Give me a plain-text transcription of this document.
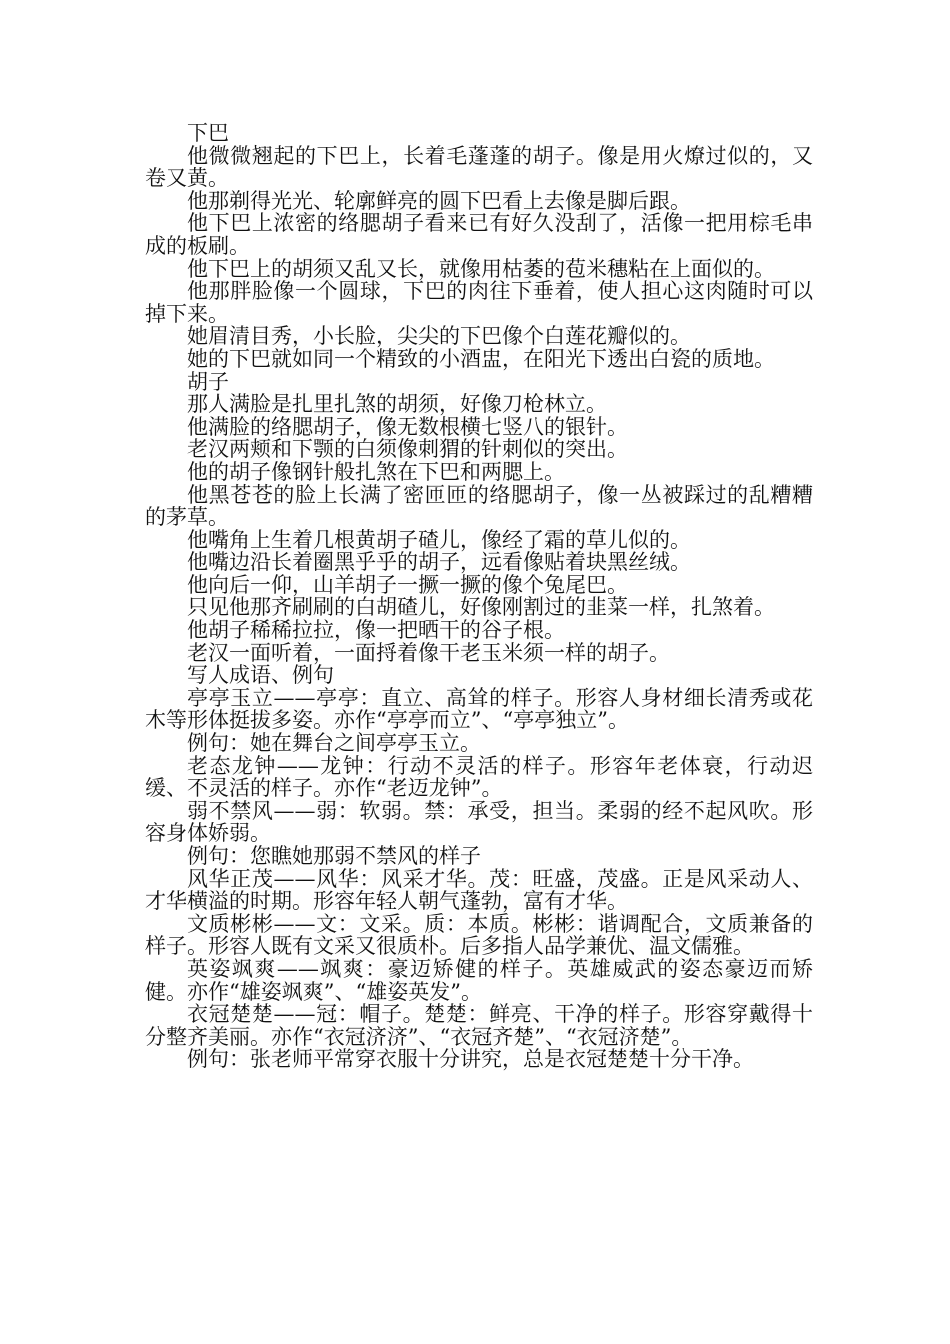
下巴

他微微翘起的下巴上，长着毛蓬蓬的胡子。像是用火燎过似的，又卷又黄。

他那剃得光光、轮廓鲜亮的圆下巴看上去像是脚后跟。

他下巴上浓密的络腮胡子看来已有好久没刮了，活像一把用棕毛串成的板刷。

他下巴上的胡须又乱又长，就像用枯萎的苞米穗粘在上面似的。

他那胖脸像一个圆球，下巴的肉往下垂着，使人担心这肉随时可以掉下来。

她眉清目秀，小长脸，尖尖的下巴像个白莲花瓣似的。

她的下巴就如同一个精致的小酒盅，在阳光下透出白瓷的质地。

胡子

那人满脸是扎里扎煞的胡须，好像刀枪林立。

他满脸的络腮胡子，像无数根横七竖八的银针。

老汉两颊和下颚的白须像刺猬的针刺似的突出。

他的胡子像钢针般扎煞在下巴和两腮上。

他黑苍苍的脸上长满了密匝匝的络腮胡子，像一丛被踩过的乱糟糟的茅草。

他嘴角上生着几根黄胡子碴儿，像经了霜的草儿似的。

他嘴边沿长着圈黑乎乎的胡子，远看像贴着块黑丝绒。

他向后一仰，山羊胡子一撅一撅的像个兔尾巴。

只见他那齐刷刷的白胡碴儿，好像刚割过的韭菜一样，扎煞着。

他胡子稀稀拉拉，像一把晒干的谷子根。

老汉一面听着，一面捋着像干老玉米须一样的胡子。

写人成语、例句

亭亭玉立——亭亭：直立、高耸的样子。形容人身材细长清秀或花木等形体挺拔多姿。亦作“亭亭而立”、“亭亭独立”。

例句：她在舞台之间亭亭玉立。

老态龙钟——龙钟：行动不灵活的样子。形容年老体衰，行动迟缓、不灵活的样子。亦作“老迈龙钟”。

弱不禁风——弱：软弱。禁：承受，担当。柔弱的经不起风吹。形容身体娇弱。

例句：您瞧她那弱不禁风的样子

风华正茂——风华：风采才华。茂：旺盛，茂盛。正是风采动人、才华横溢的时期。形容年轻人朝气蓬勃，富有才华。

文质彬彬——文：文采。质：本质。彬彬：谐调配合，文质兼备的样子。形容人既有文采又很质朴。后多指人品学兼优、温文儒雅。

英姿飒爽——飒爽：豪迈矫健的样子。英雄威武的姿态豪迈而矫健。亦作“雄姿飒爽”、“雄姿英发”。

衣冠楚楚——冠：帽子。楚楚：鲜亮、干净的样子。形容穿戴得十分整齐美丽。亦作“衣冠济济”、“衣冠齐楚”、“衣冠济楚”。

例句：张老师平常穿衣服十分讲究，总是衣冠楚楚十分干净。
